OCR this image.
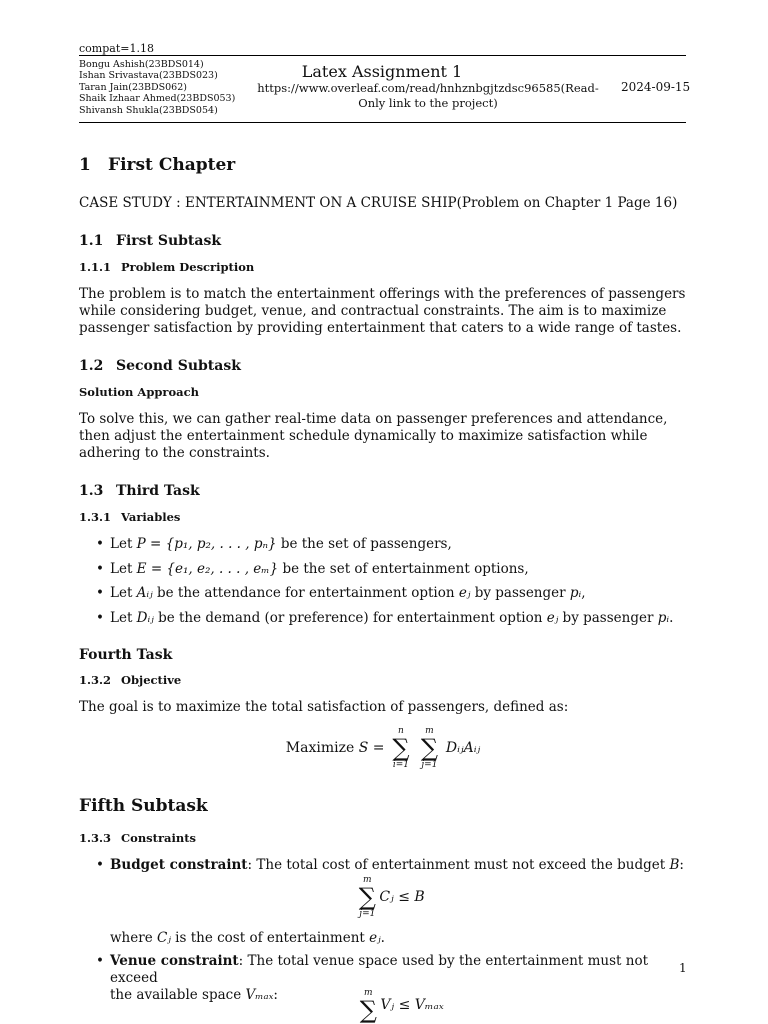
compat=1.18
Bongu Ashish(23BDS014)
Ishan Srivastava(23BDS023)
Taran Jain(23BDS062)
Shaik Izhaar Ahmed(23BDS053)
Shivansh Shukla(23BDS054)
Latex Assignment 1
https://www.overleaf.com/read/hnhznbgjtzdsc96585(Read-
Only link to the project)
2024-09-15
1 First Chapter
CASE STUDY : ENTERTAINMENT ON A CRUISE SHIP(Problem on Chapter 1 Page 16)
1.1 First Subtask
1.1.1 Problem Description
The problem is to match the entertainment offerings with the preferences of passengers while considering budget, venue, and contractual constraints. The aim is to maximize passenger satisfaction by providing entertainment that caters to a wide range of tastes.
1.2 Second Subtask
Solution Approach
To solve this, we can gather real-time data on passenger preferences and attendance, then adjust the entertainment schedule dynamically to maximize satisfaction while adhering to the constraints.
1.3 Third Task
1.3.1 Variables
• Let P = {p₁, p₂, . . . , pₙ} be the set of passengers,
• Let E = {e₁, e₂, . . . , eₘ} be the set of entertainment options,
• Let Aᵢⱼ be the attendance for entertainment option eⱼ by passenger pᵢ,
• Let Dᵢⱼ be the demand (or preference) for entertainment option eⱼ by passenger pᵢ.
Fourth Task
1.3.2 Objective
The goal is to maximize the total satisfaction of passengers, defined as:
Maximize S =
n
∑
i=1

m
∑
j=1
DᵢⱼAᵢⱼ
Fifth Subtask
1.3.3 Constraints
• Budget constraint: The total cost of entertainment must not exceed the budget B:
m
∑
j=1
Cⱼ ≤ B
where Cⱼ is the cost of entertainment eⱼ.
• Venue constraint: The total venue space used by the entertainment must not exceed
the available space Vₘₐₓ:	m
∑ Vⱼ ≤ Vₘₐₓ
1
